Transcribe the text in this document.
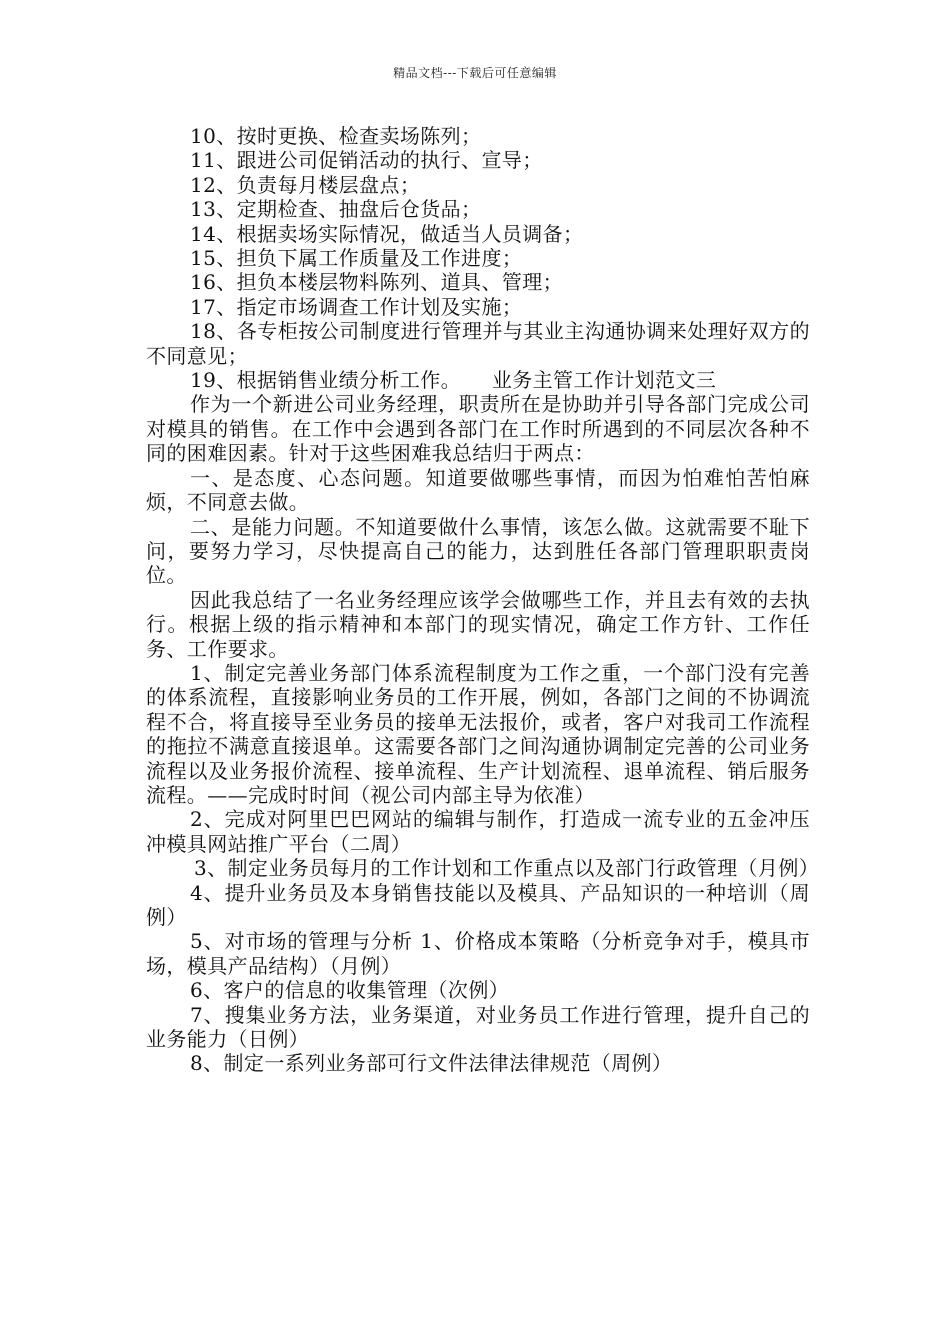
精品文档---下载后可任意编辑

10、按时更换、检查卖场陈列；

11、跟进公司促销活动的执行、宣导；

12、负责每月楼层盘点；

13、定期检查、抽盘后仓货品；

14、根据卖场实际情况，做适当人员调备；

15、担负下属工作质量及工作进度；

16、担负本楼层物料陈列、道具、管理；

17、指定市场调查工作计划及实施；

18、各专柜按公司制度进行管理并与其业主沟通协调来处理好双方的不同意见；

19、根据销售业绩分析工作。　　业务主管工作计划范文三

作为一个新进公司业务经理，职责所在是协助并引导各部门完成公司对模具的销售。在工作中会遇到各部门在工作时所遇到的不同层次各种不同的困难因素。针对于这些困难我总结归于两点：

一、是态度、心态问题。知道要做哪些事情，而因为怕难怕苦怕麻烦，不同意去做。

二、是能力问题。不知道要做什么事情，该怎么做。这就需要不耻下问，要努力学习，尽快提高自己的能力，达到胜任各部门管理职职责岗位。

因此我总结了一名业务经理应该学会做哪些工作，并且去有效的去执行。根据上级的指示精神和本部门的现实情况，确定工作方针、工作任务、工作要求。

1、制定完善业务部门体系流程制度为工作之重，一个部门没有完善的体系流程，直接影响业务员的工作开展，例如，各部门之间的不协调流程不合，将直接导至业务员的接单无法报价，或者，客户对我司工作流程的拖拉不满意直接退单。这需要各部门之间沟通协调制定完善的公司业务流程以及业务报价流程、接单流程、生产计划流程、退单流程、销后服务流程。——完成时时间（视公司内部主导为依准）

2、完成对阿里巴巴网站的编辑与制作，打造成一流专业的五金冲压冲模具网站推广平台（二周）

3、制定业务员每月的工作计划和工作重点以及部门行政管理（月例）

4、提升业务员及本身销售技能以及模具、产品知识的一种培训（周例）

5、对市场的管理与分析 1、价格成本策略（分析竞争对手，模具市场，模具产品结构）（月例）

6、客户的信息的收集管理（次例）

7、搜集业务方法，业务渠道，对业务员工作进行管理，提升自己的业务能力（日例）

8、制定一系列业务部可行文件法律法律规范（周例）
